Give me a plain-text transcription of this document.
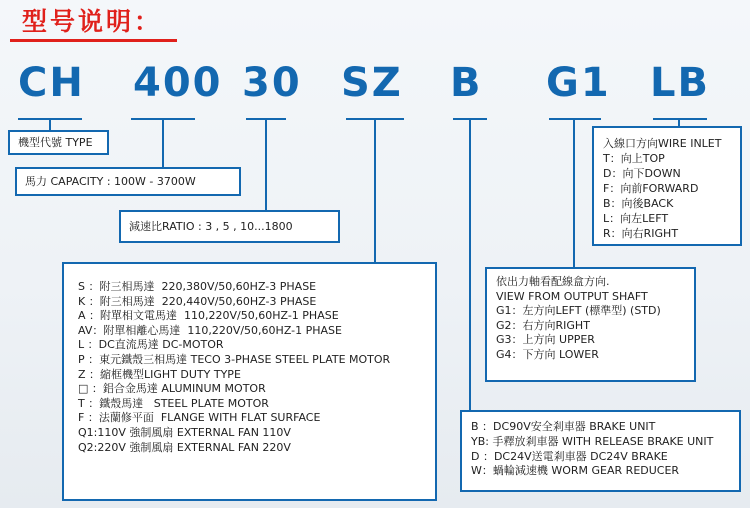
型号说明：
CH 400 30 SZ B G1 LB
機型代號 TYPE
馬力 CAPACITY : 100W - 3700W
減速比RATIO : 3 , 5 , 10...1800
S ：附三相馬達  220,380V/50,60HZ-3 PHASE
K ：附三相馬達  220,440V/50,60HZ-3 PHASE
A ：附單相文電馬達  110,220V/50,60HZ-1 PHASE
AV：附單相離心馬達  110,220V/50,60HZ-1 PHASE
L ：DC直流馬達 DC-MOTOR
P ：東元鐵殼三相馬達 TECO 3-PHASE STEEL PLATE MOTOR
Z ：縮框機型LIGHT DUTY TYPE
□ ：鋁合金馬達 ALUMINUM MOTOR
T ：鐵殼馬達   STEEL PLATE MOTOR
F ：法蘭修平面  FLANGE WITH FLAT SURFACE
Q1:110V 強制風扇 EXTERNAL FAN 110V
Q2:220V 強制風扇 EXTERNAL FAN 220V
B ：DC90V安全剎車器 BRAKE UNIT
YB: 手釋放剎車器 WITH RELEASE BRAKE UNIT
D ：DC24V送電剎車器 DC24V BRAKE
W：蝸輪減速機 WORM GEAR REDUCER
依出力軸看配線盒方向.
VIEW FROM OUTPUT SHAFT
G1：左方向LEFT (標準型) (STD)
G2：右方向RIGHT
G3：上方向 UPPER
G4：下方向 LOWER
入線口方向WIRE INLET
T：向上TOP
D：向下DOWN
F：向前FORWARD
B：向後BACK
L：向左LEFT
R：向右RIGHT
